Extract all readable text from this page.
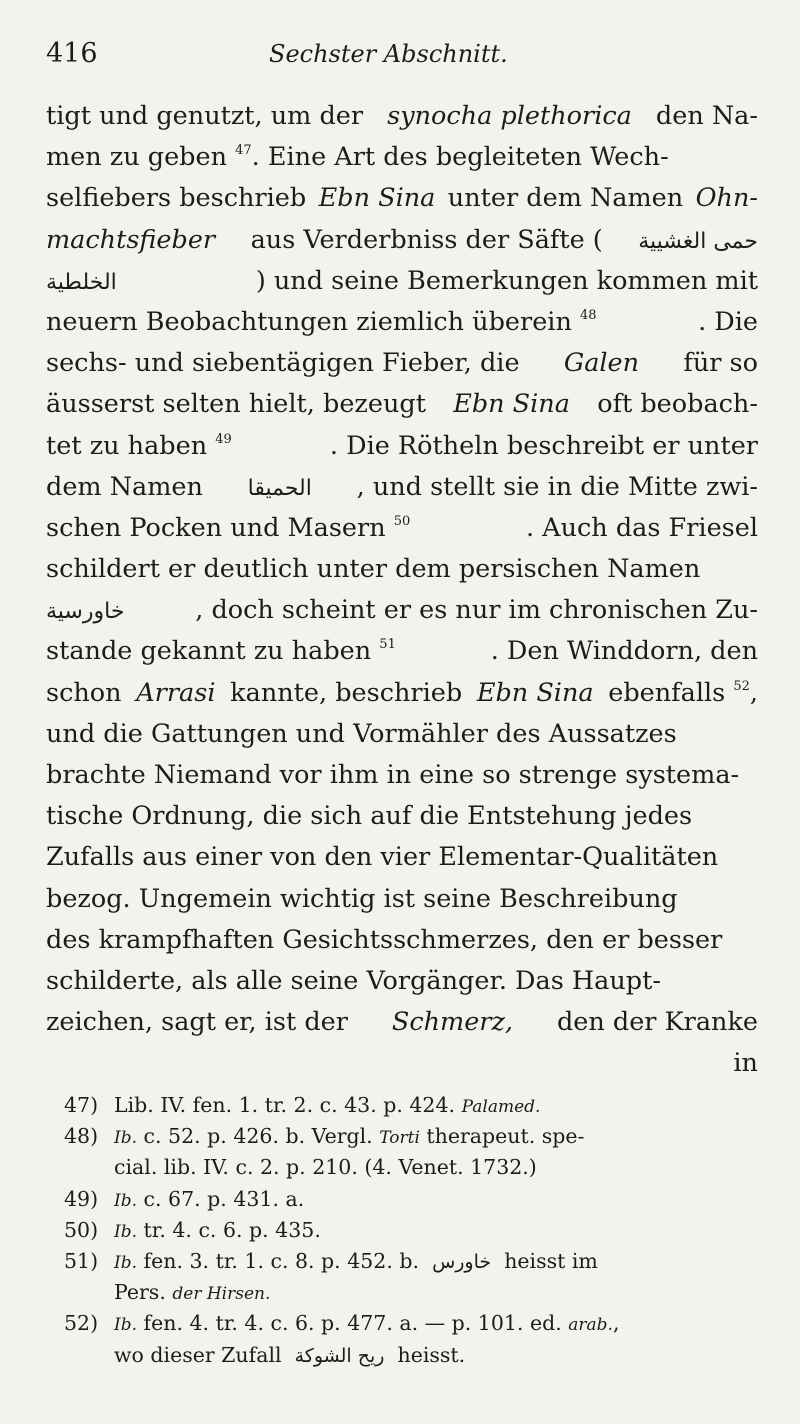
416	Sechster Abschnitt.
tigt und genutzt, um der synocha plethorica den Na-
men zu geben $^{47}$. Eine Art des begleiteten Wech-
selfiebers beschrieb Ebn Sina unter dem Namen Ohn-
machtsfieber aus Verderbniss der Säfte ( حمى الغشيية
الخلطية	) und seine Bemerkungen kommen mit
neuern Beobachtungen ziemlich überein $^{48}$	. Die
sechs- und siebentägigen Fieber, die Galen für so
äusserst selten hielt, bezeugt Ebn Sina oft beobach-
tet zu haben $^{49}$	. Die Rötheln beschreibt er unter
dem Namen الحميقا , und stellt sie in die Mitte zwi-
schen Pocken und Masern $^{50}$	. Auch das Friesel
schildert er deutlich unter dem persischen Namen
خاورسية	, doch scheint er es nur im chronischen Zu-
stande gekannt zu haben $^{51}$	. Den Winddorn, den
schon Arrasi kannte, beschrieb Ebn Sina ebenfalls $^{52}$,
und die Gattungen und Vormähler des Aussatzes
brachte Niemand vor ihm in eine so strenge systema-
tische Ordnung, die sich auf die Entstehung jedes
Zufalls aus einer von den vier Elementar-Qualitäten
bezog. Ungemein wichtig ist seine Beschreibung
des krampfhaften Gesichtsschmerzes, den er besser
schilderte, als alle seine Vorgänger. Das Haupt-
zeichen, sagt er, ist der Schmerz, den der Kranke
in
47) Lib. IV. fen. 1. tr. 2. c. 43. p. 424. Palamed.
48) Ib. c. 52. p. 426. b. Vergl. Torti therapeut. spe-
cial. lib. IV. c. 2. p. 210. (4. Venet. 1732.)
49) Ib. c. 67. p. 431. a.
50) Ib. tr. 4. c. 6. p. 435.
51) Ib. fen. 3. tr. 1. c. 8. p. 452. b. خاورس heisst im
Pers. der Hirsen.
52) Ib. fen. 4. tr. 4. c. 6. p. 477. a. — p. 101. ed. arab.,
wo dieser Zufall ريح الشوكة heisst.
